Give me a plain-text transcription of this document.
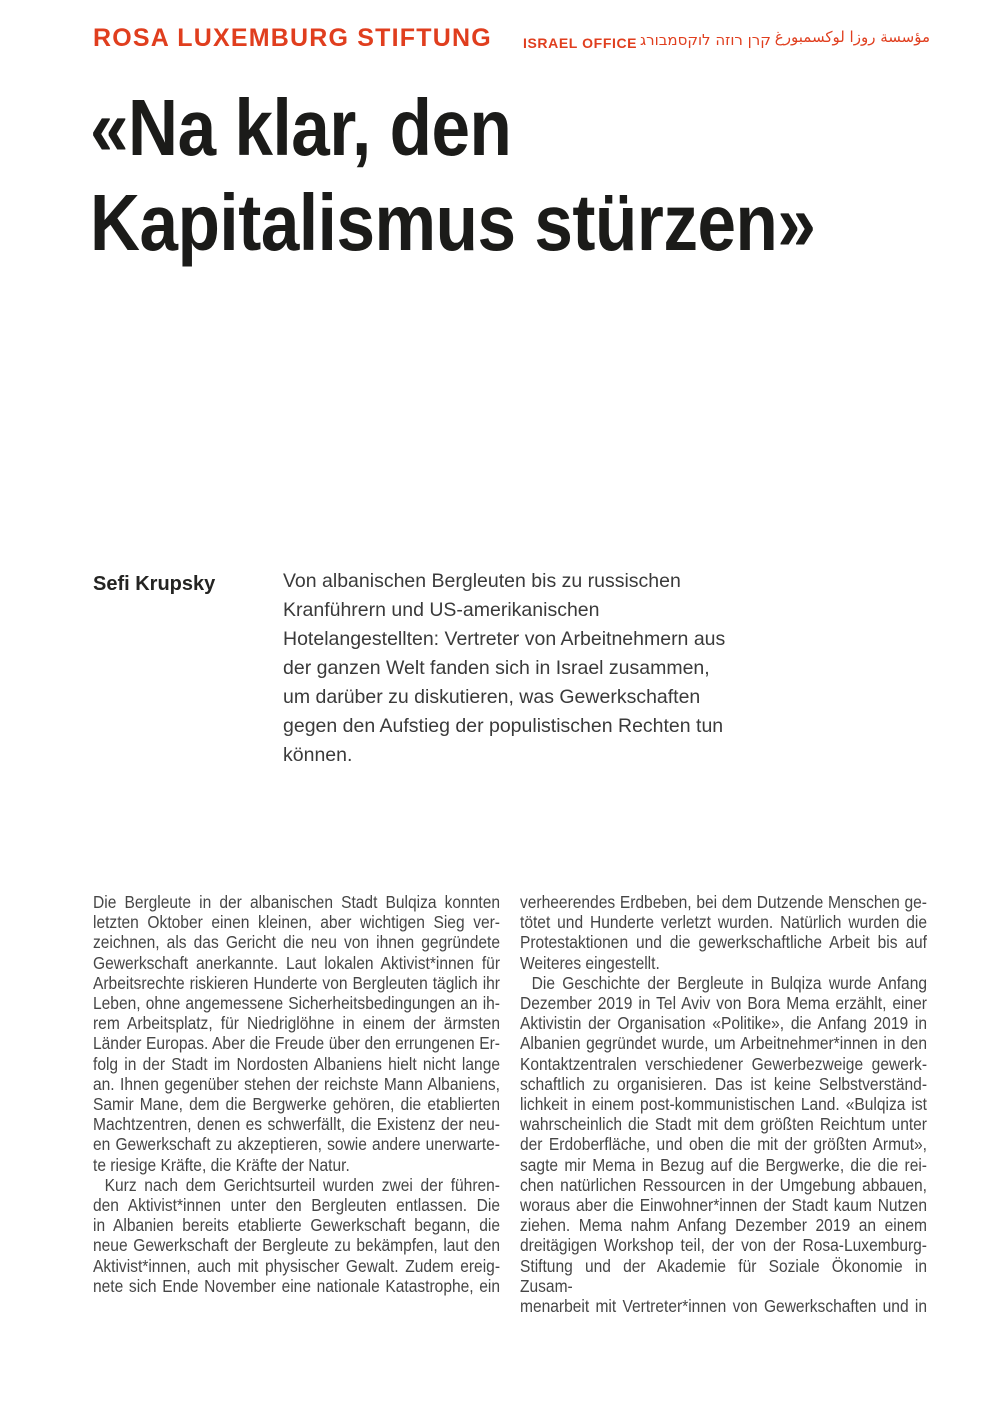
ROSA LUXEMBURG STIFTUNG ISRAEL OFFICE קרן רוזה לוקסמבורג مؤسسة روزا لوكسمبورغ
«Na klar, den
Kapitalismus stürzen»
Sefi Krupsky	Von albanischen Bergleuten bis zu russischen
Kranführern und US-amerikanischen
Hotelangestellten: Vertreter von Arbeitnehmern aus
der ganzen Welt fanden sich in Israel zusammen,
um darüber zu diskutieren, was Gewerkschaften
gegen den Aufstieg der populistischen Rechten tun
können.
Die Bergleute in der albanischen Stadt Bulqiza konnten
letzten Oktober einen kleinen, aber wichtigen Sieg ver-
zeichnen, als das Gericht die neu von ihnen gegründete
Gewerkschaft anerkannte. Laut lokalen Aktivist*innen für
Arbeitsrechte riskieren Hunderte von Bergleuten täglich ihr
Leben, ohne angemessene Sicherheitsbedingungen an ih-
rem Arbeitsplatz, für Niedriglöhne in einem der ärmsten
Länder Europas. Aber die Freude über den errungenen Er-
folg in der Stadt im Nordosten Albaniens hielt nicht lange
an. Ihnen gegenüber stehen der reichste Mann Albaniens,
Samir Mane, dem die Bergwerke gehören, die etablierten
Machtzentren, denen es schwerfällt, die Existenz der neu-
en Gewerkschaft zu akzeptieren, sowie andere unerwarte-
te riesige Kräfte, die Kräfte der Natur.
Kurz nach dem Gerichtsurteil wurden zwei der führen-
den Aktivist*innen unter den Bergleuten entlassen. Die
in Albanien bereits etablierte Gewerkschaft begann, die
neue Gewerkschaft der Bergleute zu bekämpfen, laut den
Aktivist*innen, auch mit physischer Gewalt. Zudem ereig-
nete sich Ende November eine nationale Katastrophe, ein
verheerendes Erdbeben, bei dem Dutzende Menschen ge-
tötet und Hunderte verletzt wurden. Natürlich wurden die
Protestaktionen und die gewerkschaftliche Arbeit bis auf
Weiteres eingestellt.
Die Geschichte der Bergleute in Bulqiza wurde Anfang
Dezember 2019 in Tel Aviv von Bora Mema erzählt, einer
Aktivistin der Organisation «Politike», die Anfang 2019 in
Albanien gegründet wurde, um Arbeitnehmer*innen in den
Kontaktzentralen verschiedener Gewerbezweige gewerk-
schaftlich zu organisieren. Das ist keine Selbstverständ-
lichkeit in einem post-kommunistischen Land. «Bulqiza ist
wahrscheinlich die Stadt mit dem größten Reichtum unter
der Erdoberfläche, und oben die mit der größten Armut»,
sagte mir Mema in Bezug auf die Bergwerke, die die rei-
chen natürlichen Ressourcen in der Umgebung abbauen,
woraus aber die Einwohner*innen der Stadt kaum Nutzen
ziehen. Mema nahm Anfang Dezember 2019 an einem
dreitägigen Workshop teil, der von der Rosa-Luxemburg-
Stiftung und der Akademie für Soziale Ökonomie in Zusam-
menarbeit mit Vertreter*innen von Gewerkschaften und in
